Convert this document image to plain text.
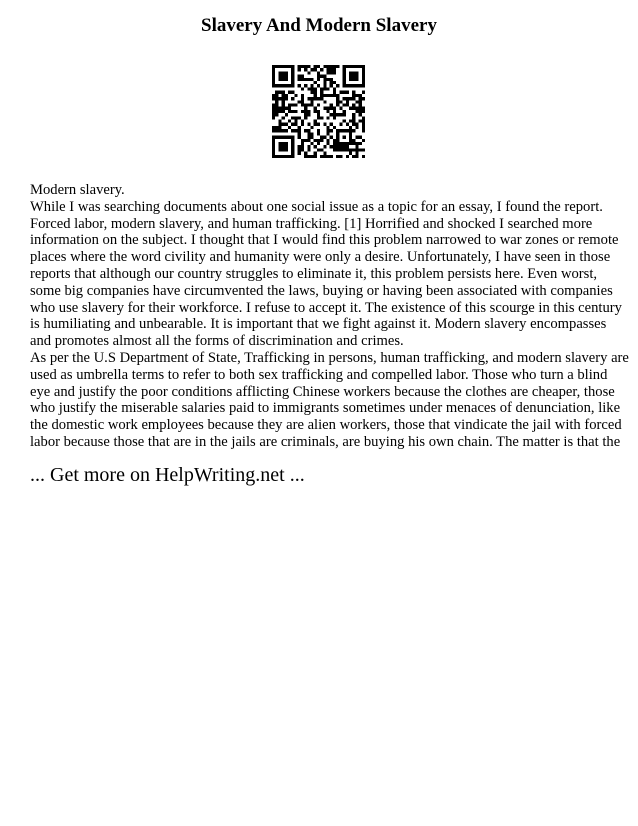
Slavery And Modern Slavery
Modern slavery.
While I was searching documents about one social issue as a topic for an essay, I found the report.
Forced labor, modern slavery, and human trafficking. [1] Horrified and shocked I searched more
information on the subject. I thought that I would find this problem narrowed to war zones or remote
places where the word civility and humanity were only a desire. Unfortunately, I have seen in those
reports that although our country struggles to eliminate it, this problem persists here. Even worst,
some big companies have circumvented the laws, buying or having been associated with companies
who use slavery for their workforce. I refuse to accept it. The existence of this scourge in this century
is humiliating and unbearable. It is important that we fight against it. Modern slavery encompasses
and promotes almost all the forms of discrimination and crimes.
As per the U.S Department of State, Trafficking in persons, human trafficking, and modern slavery are
used as umbrella terms to refer to both sex trafficking and compelled labor. Those who turn a blind
eye and justify the poor conditions afflicting Chinese workers because the clothes are cheaper, those
who justify the miserable salaries paid to immigrants sometimes under menaces of denunciation, like
the domestic work employees because they are alien workers, those that vindicate the jail with forced
labor because those that are in the jails are criminals, are buying his own chain. The matter is that the
... Get more on HelpWriting.net ...
